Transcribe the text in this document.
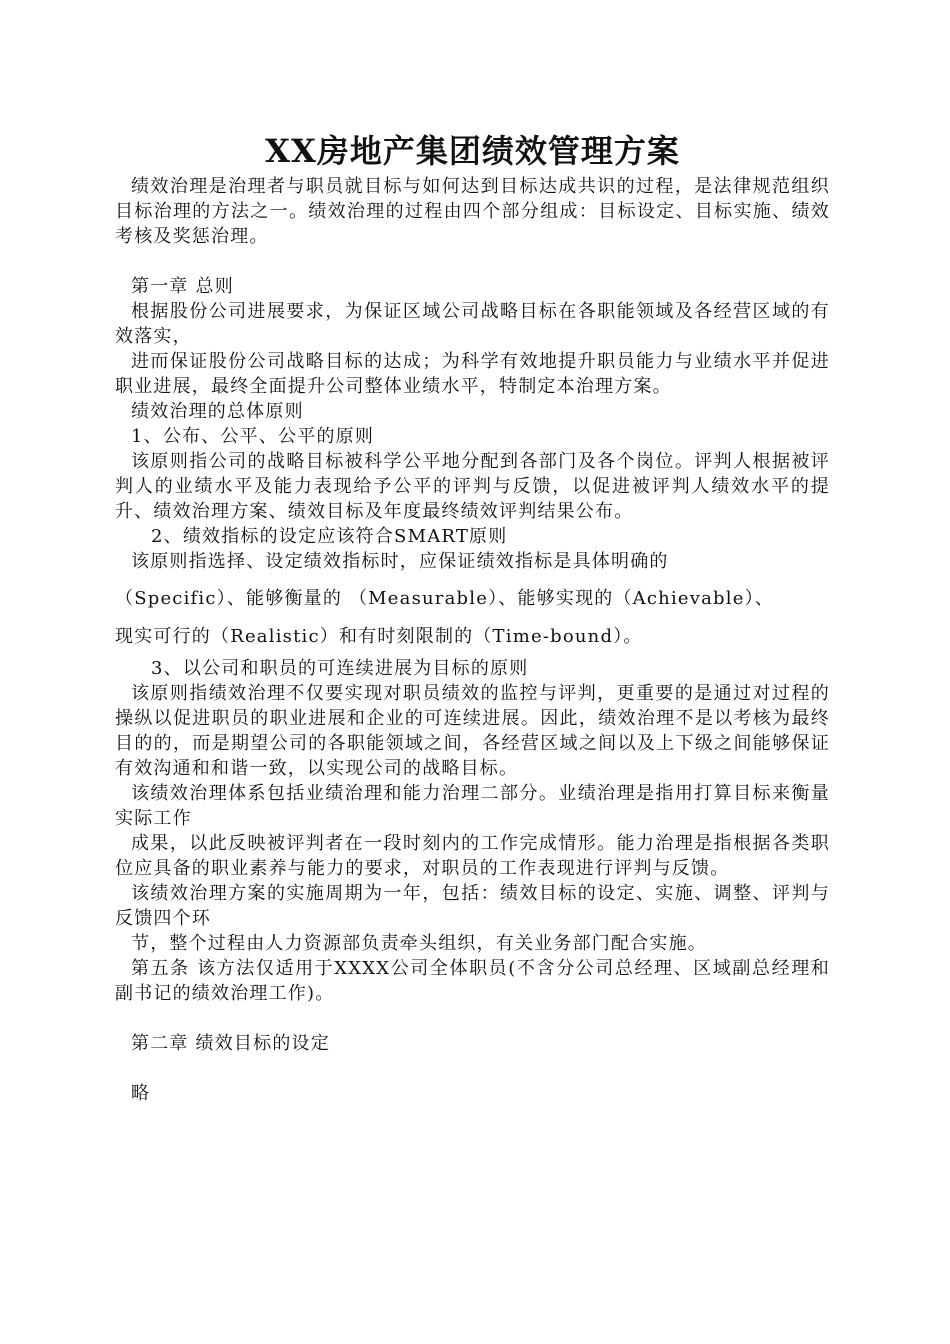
XX房地产集团绩效管理方案

绩效治理是治理者与职员就目标与如何达到目标达成共识的过程，是法律规范组织目标治理的方法之一。绩效治理的过程由四个部分组成：目标设定、目标实施、绩效考核及奖惩治理。

第一章 总则

根据股份公司进展要求，为保证区域公司战略目标在各职能领域及各经营区域的有效落实，

进而保证股份公司战略目标的达成；为科学有效地提升职员能力与业绩水平并促进职业进展，最终全面提升公司整体业绩水平，特制定本治理方案。

绩效治理的总体原则

1、公布、公平、公平的原则

该原则指公司的战略目标被科学公平地分配到各部门及各个岗位。评判人根据被评判人的业绩水平及能力表现给予公平的评判与反馈，以促进被评判人绩效水平的提升、绩效治理方案、绩效目标及年度最终绩效评判结果公布。

2、绩效指标的设定应该符合SMART原则

该原则指选择、设定绩效指标时，应保证绩效指标是具体明确的

（Specific）、能够衡量的 （Measurable）、能够实现的（Achievable）、

现实可行的（Realistic）和有时刻限制的（Time-bound）。

3、以公司和职员的可连续进展为目标的原则

该原则指绩效治理不仅要实现对职员绩效的监控与评判，更重要的是通过对过程的操纵以促进职员的职业进展和企业的可连续进展。因此，绩效治理不是以考核为最终目的的，而是期望公司的各职能领域之间，各经营区域之间以及上下级之间能够保证有效沟通和和谐一致，以实现公司的战略目标。

该绩效治理体系包括业绩治理和能力治理二部分。业绩治理是指用打算目标来衡量实际工作

成果，以此反映被评判者在一段时刻内的工作完成情形。能力治理是指根据各类职位应具备的职业素养与能力的要求，对职员的工作表现进行评判与反馈。

该绩效治理方案的实施周期为一年，包括：绩效目标的设定、实施、调整、评判与反馈四个环

节，整个过程由人力资源部负责牵头组织，有关业务部门配合实施。

第五条 该方法仅适用于XXXX公司全体职员(不含分公司总经理、区域副总经理和副书记的绩效治理工作)。

第二章 绩效目标的设定

略
